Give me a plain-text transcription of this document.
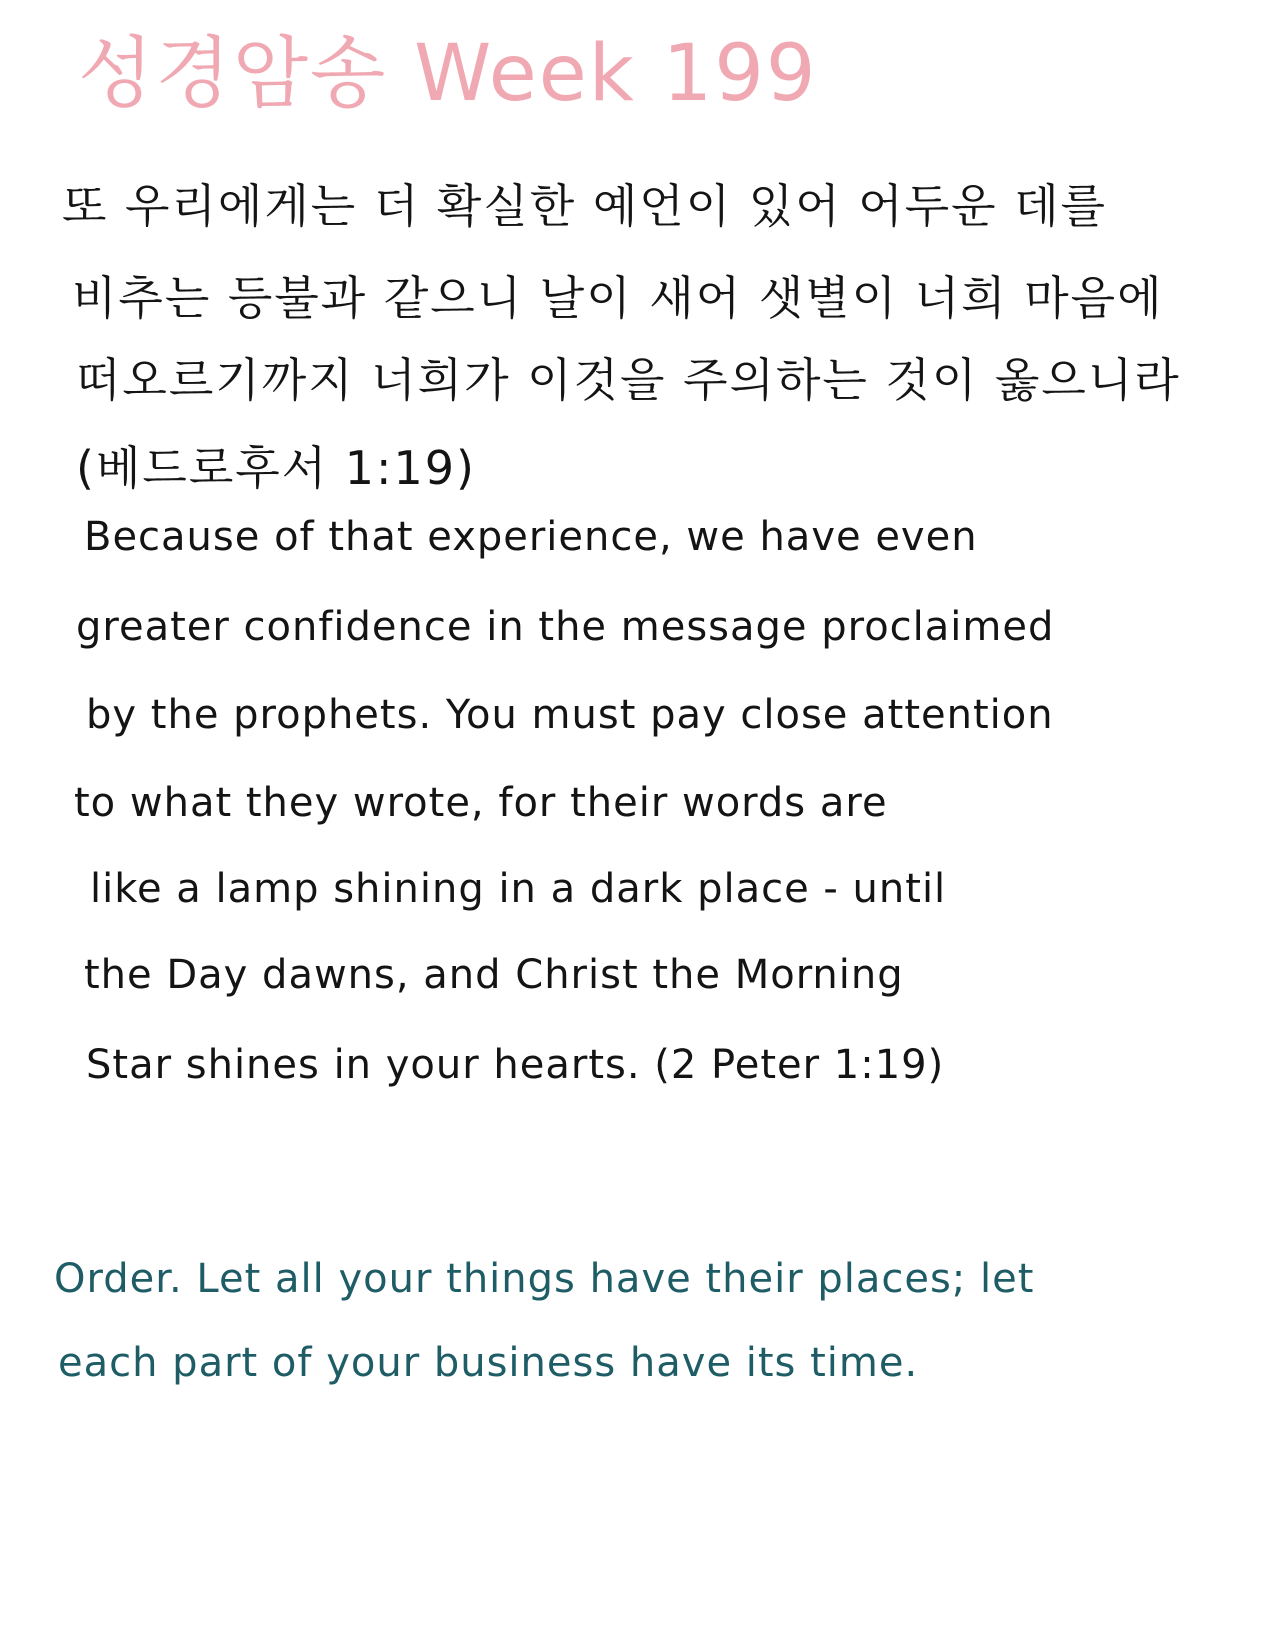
성경암송 Week 199
또 우리에게는 더 확실한 예언이 있어 어두운 데를
비추는 등불과 같으니 날이 새어 샛별이 너희 마음에
떠오르기까지 너희가 이것을 주의하는 것이 옳으니라
(베드로후서 1:19)
Because of that experience, we have even
greater confidence in the message proclaimed
by the prophets. You must pay close attention
to what they wrote, for their words are
like a lamp shining in a dark place - until
the Day dawns, and Christ the Morning
Star shines in your hearts. (2 Peter 1:19)
Order. Let all your things have their places; let
each part of your business have its time.
